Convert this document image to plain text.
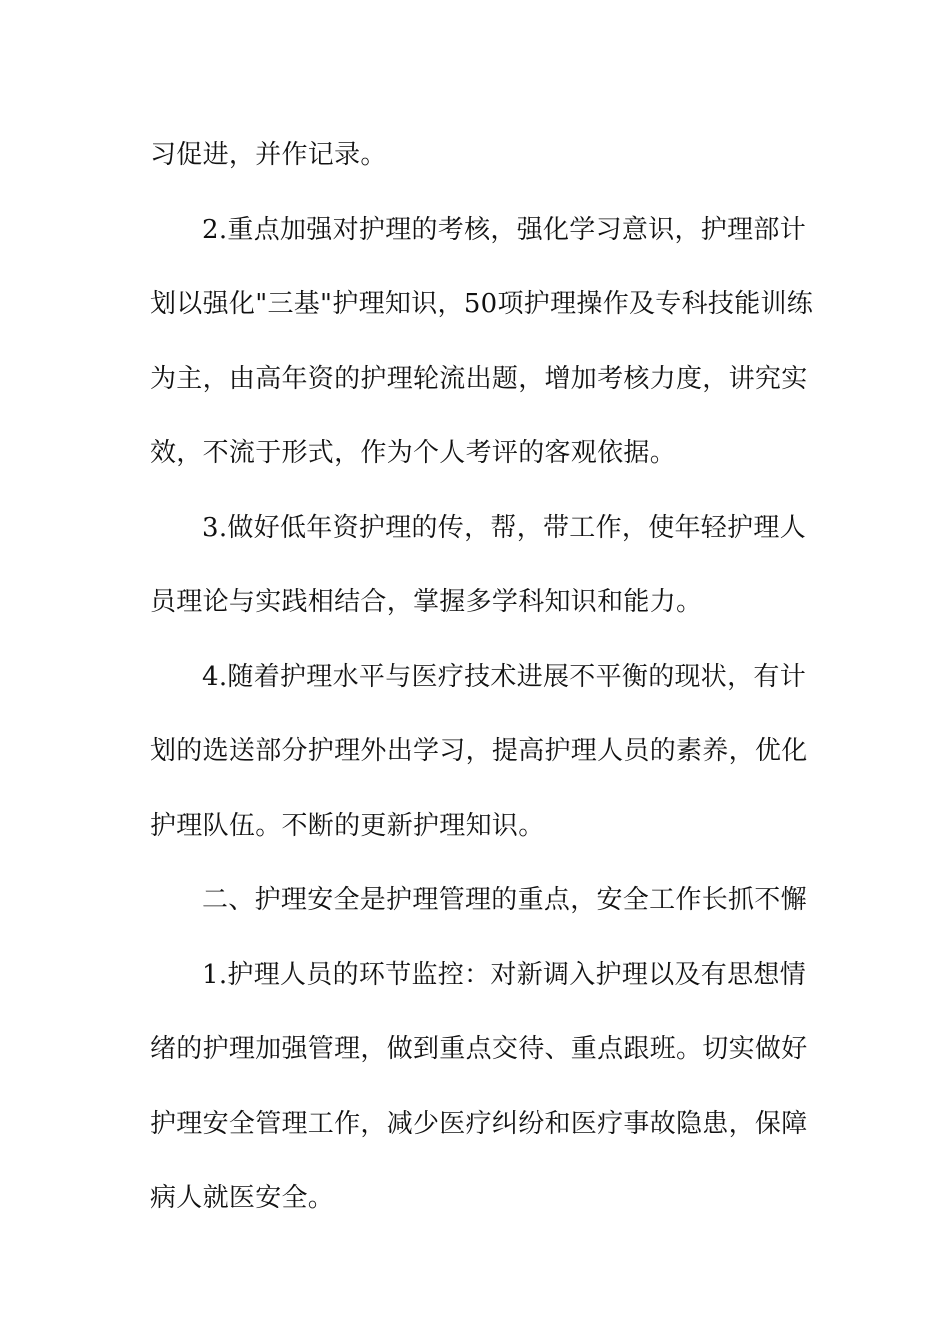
习促进，并作记录。
2.重点加强对护理的考核，强化学习意识，护理部计
划以强化"三基"护理知识，50项护理操作及专科技能训练
为主，由高年资的护理轮流出题，增加考核力度，讲究实
效，不流于形式，作为个人考评的客观依据。
3.做好低年资护理的传，帮，带工作，使年轻护理人
员理论与实践相结合，掌握多学科知识和能力。
4.随着护理水平与医疗技术进展不平衡的现状，有计
划的选送部分护理外出学习，提高护理人员的素养，优化
护理队伍。不断的更新护理知识。
二、护理安全是护理管理的重点，安全工作长抓不懈
1.护理人员的环节监控：对新调入护理以及有思想情
绪的护理加强管理，做到重点交待、重点跟班。切实做好
护理安全管理工作，减少医疗纠纷和医疗事故隐患，保障
病人就医安全。
